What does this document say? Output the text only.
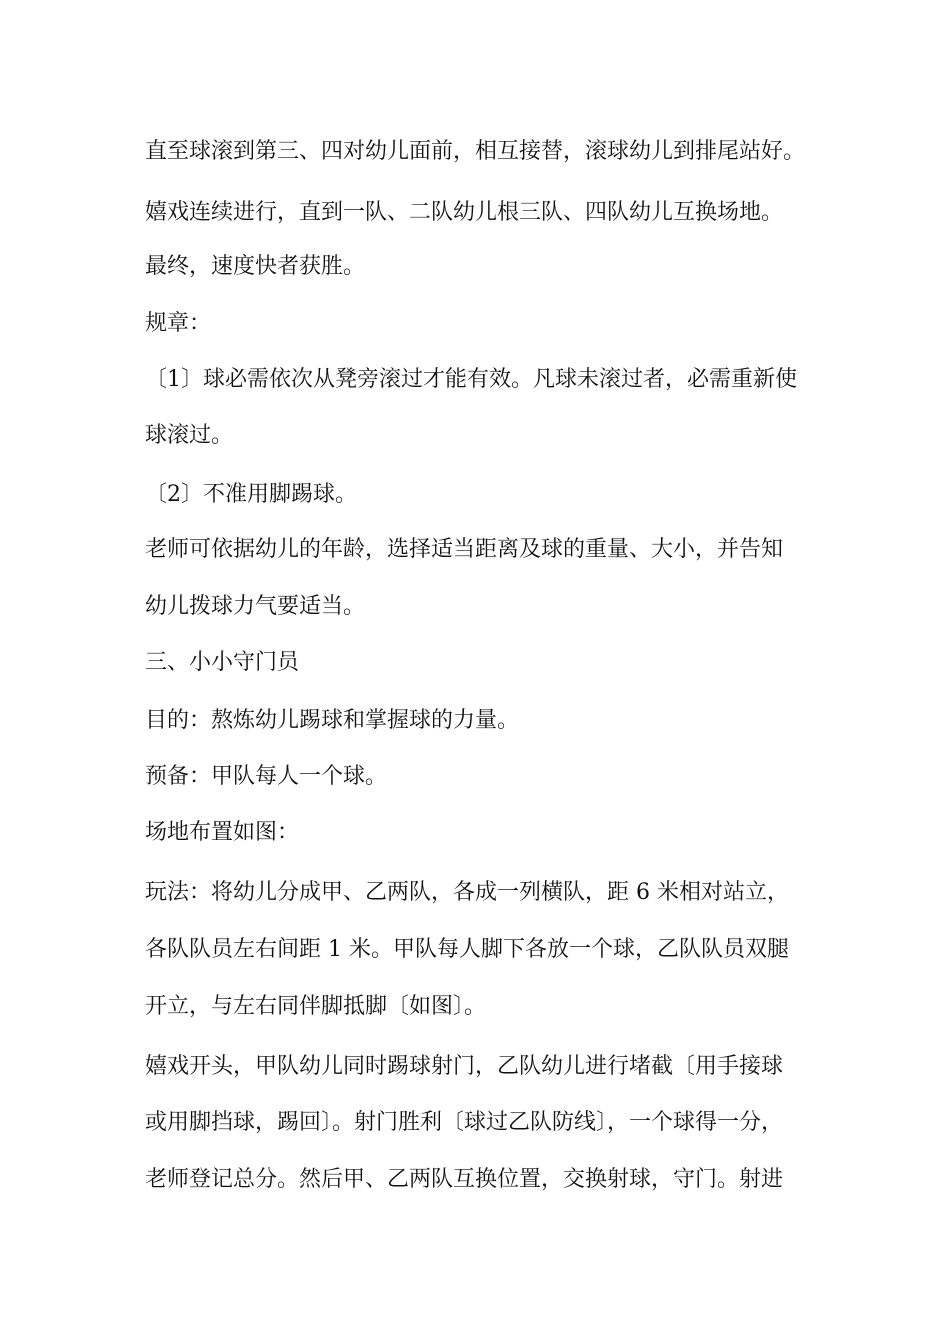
直至球滚到第三、四对幼儿面前，相互接替，滚球幼儿到排尾站好。
嬉戏连续进行，直到一队、二队幼儿根三队、四队幼儿互换场地。
最终，速度快者获胜。
规章：
〔1〕球必需依次从凳旁滚过才能有效。凡球未滚过者，必需重新使
球滚过。
〔2〕不准用脚踢球。
老师可依据幼儿的年龄，选择适当距离及球的重量、大小，并告知
幼儿拨球力气要适当。
三、小小守门员
目的：熬炼幼儿踢球和掌握球的力量。
预备：甲队每人一个球。
场地布置如图：
玩法：将幼儿分成甲、乙两队，各成一列横队，距 6 米相对站立，
各队队员左右间距 1 米。甲队每人脚下各放一个球，乙队队员双腿
开立，与左右同伴脚抵脚〔如图〕。
嬉戏开头，甲队幼儿同时踢球射门，乙队幼儿进行堵截〔用手接球
或用脚挡球，踢回〕。射门胜利〔球过乙队防线〕，一个球得一分，
老师登记总分。然后甲、乙两队互换位置，交换射球，守门。射进
